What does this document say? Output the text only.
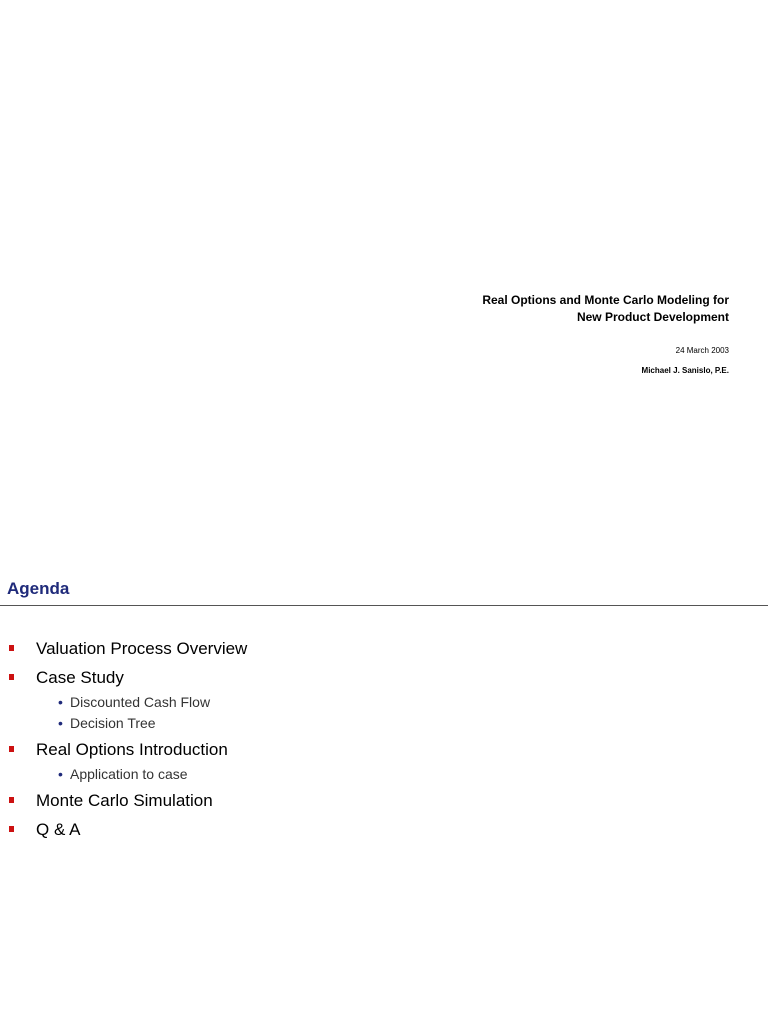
Real Options and Monte Carlo Modeling for
New Product Development
24 March 2003
Michael J. Sanislo, P.E.
Agenda
Valuation Process Overview
Case Study
• Discounted Cash Flow
• Decision Tree
Real Options Introduction
• Application to case
Monte Carlo Simulation
Q & A
